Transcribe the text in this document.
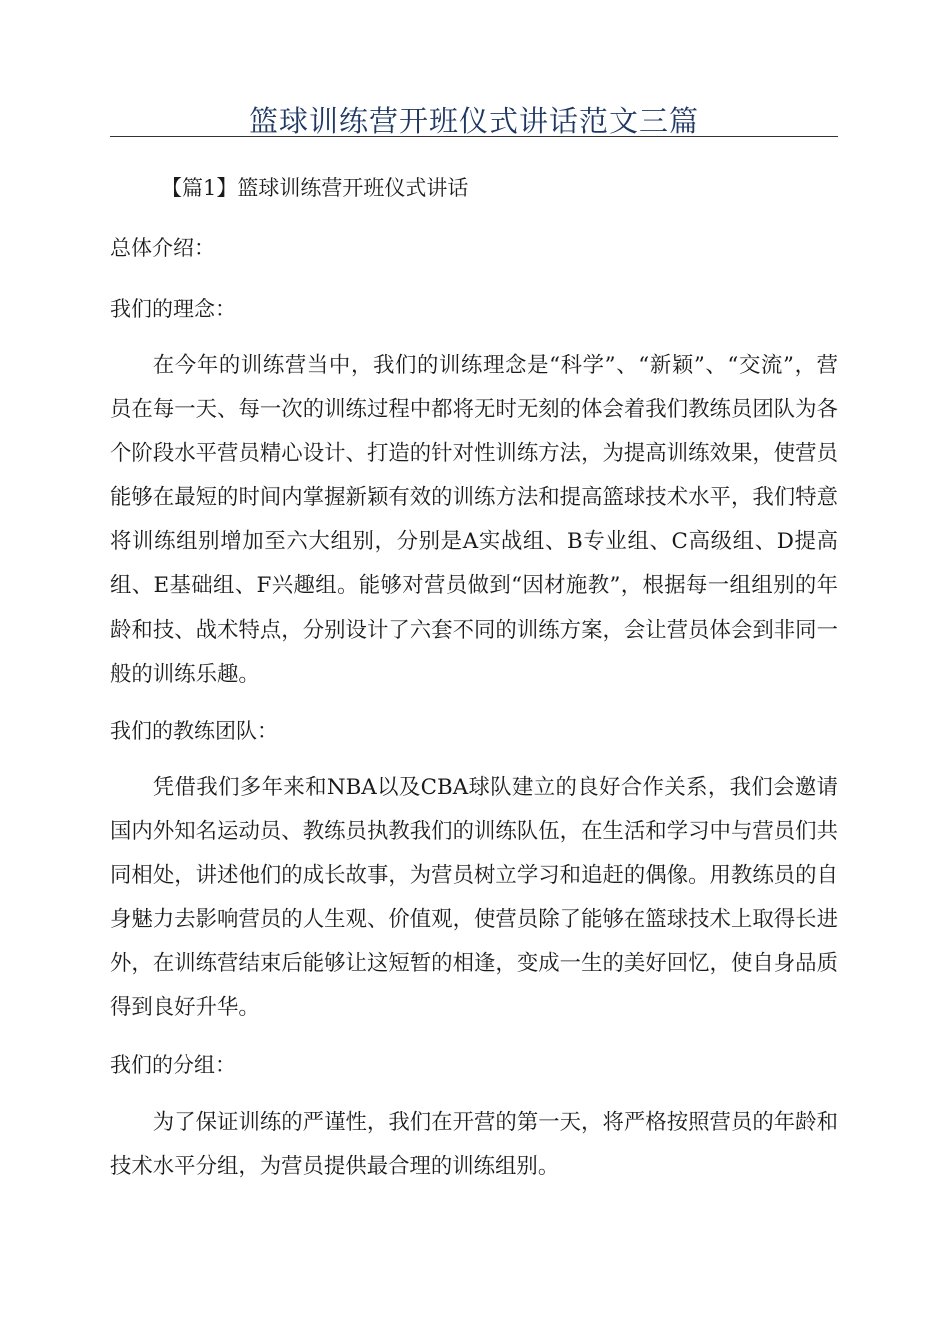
篮球训练营开班仪式讲话范文三篇
【篇1】篮球训练营开班仪式讲话
总体介绍：
我们的理念：

在今年的训练营当中，我们的训练理念是“科学”、“新颖”、“交流”，营员在每一天、每一次的训练过程中都将无时无刻的体会着我们教练员团队为各个阶段水平营员精心设计、打造的针对性训练方法，为提高训练效果，使营员能够在最短的时间内掌握新颖有效的训练方法和提高篮球技术水平，我们特意将训练组别增加至六大组别，分别是A实战组、B专业组、C高级组、D提高组、E基础组、F兴趣组。能够对营员做到“因材施教”，根据每一组组别的年龄和技、战术特点，分别设计了六套不同的训练方案，会让营员体会到非同一般的训练乐趣。

我们的教练团队：

凭借我们多年来和NBA以及CBA球队建立的良好合作关系，我们会邀请国内外知名运动员、教练员执教我们的训练队伍，在生活和学习中与营员们共同相处，讲述他们的成长故事，为营员树立学习和追赶的偶像。用教练员的自身魅力去影响营员的人生观、价值观，使营员除了能够在篮球技术上取得长进外，在训练营结束后能够让这短暂的相逢，变成一生的美好回忆，使自身品质得到良好升华。

我们的分组：

为了保证训练的严谨性，我们在开营的第一天，将严格按照营员的年龄和技术水平分组，为营员提供最合理的训练组别。
